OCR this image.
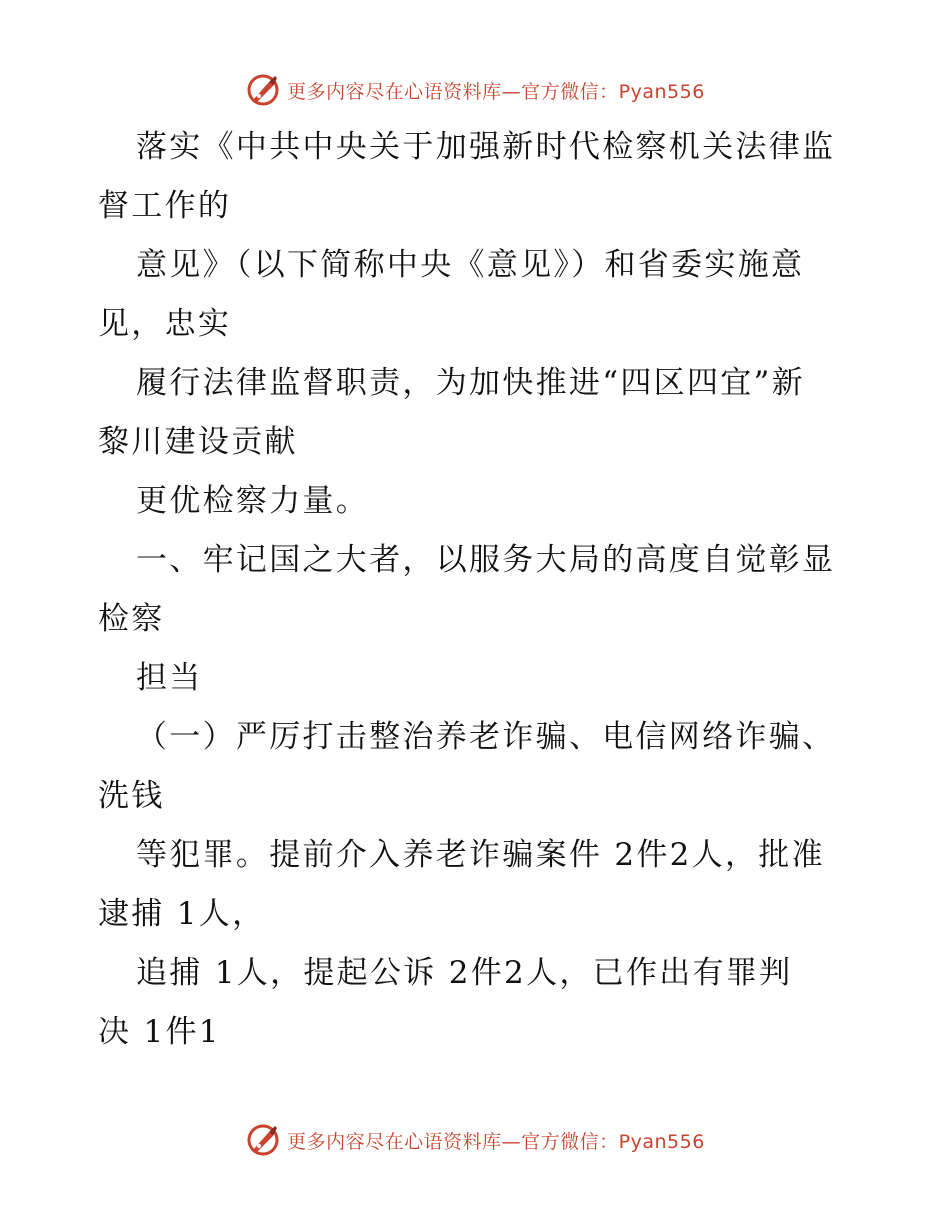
更多内容尽在心语资料库—官方微信：Pyan556
落实《中共中央关于加强新时代检察机关法律监
督工作的
意见》（以下简称中央《意见》）和省委实施意
见，忠实
履行法律监督职责，为加快推进“四区四宜”新
黎川建设贡献
更优检察力量。
一、牢记国之大者，以服务大局的高度自觉彰显
检察
担当
（一）严厉打击整治养老诈骗、电信网络诈骗、
洗钱
等犯罪。提前介入养老诈骗案件 2件2人，批准
逮捕 1人，
追捕 1人，提起公诉 2件2人，已作出有罪判
决 1件1
更多内容尽在心语资料库—官方微信：Pyan556
